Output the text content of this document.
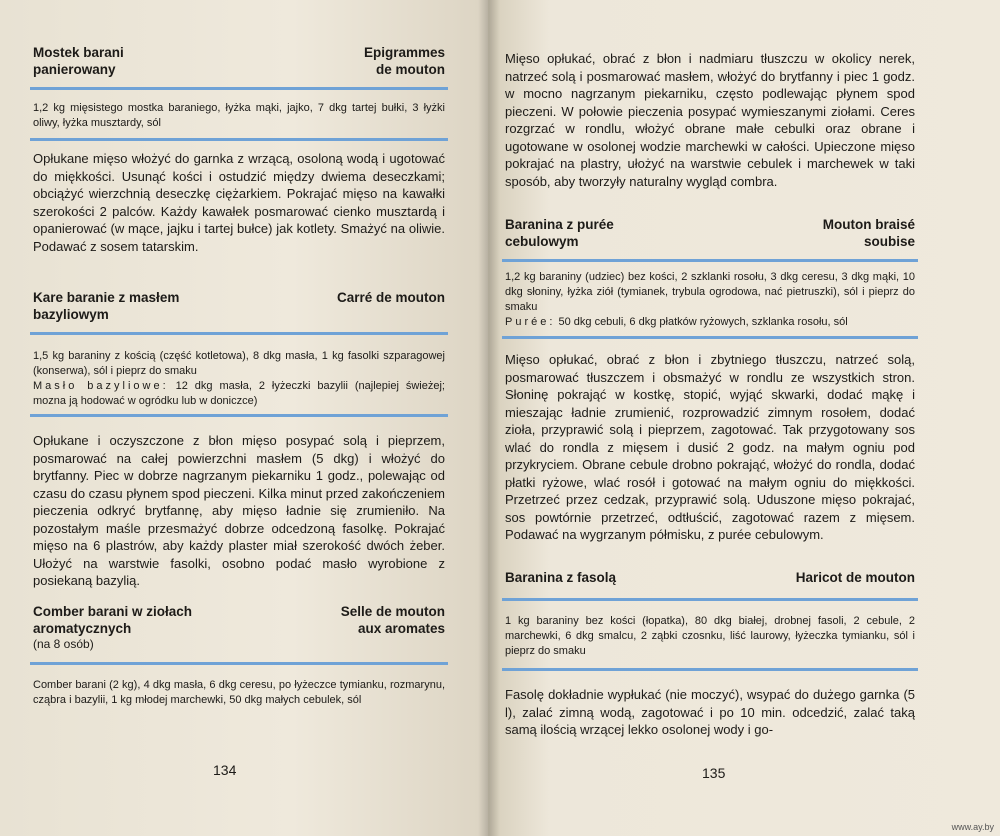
Mostek barani
panierowany
Epigrammes
de mouton
1,2 kg mięsistego mostka baraniego, łyżka mąki, jajko, 7 dkg tartej bułki, 3 łyżki oliwy, łyżka musztardy, sól
Opłukane mięso włożyć do garnka z wrzącą, osoloną wodą i ugotować do miękkości. Usunąć kości i ostudzić między dwiema deseczkami; obciążyć wierzchnią deseczkę ciężarkiem. Pokrajać mięso na kawałki szerokości 2 palców. Każdy kawałek posmarować cienko musztardą i opanierować (w mące, jajku i tartej bułce) jak kotlety. Smażyć na oliwie. Podawać z sosem tatarskim.
Kare baranie z masłem
bazyliowym
Carré de mouton
1,5 kg baraniny z kością (część kotletowa), 8 dkg masła, 1 kg fasolki szparagowej (konserwa), sól i pieprz do smaku
Masło bazyliowe: 12 dkg masła, 2 łyżeczki bazylii (najlepiej świeżej; mozna ją hodować w ogródku lub w doniczce)
Opłukane i oczyszczone z błon mięso posypać solą i pieprzem, posmarować na całej powierzchni masłem (5 dkg) i włożyć do brytfanny. Piec w dobrze nagrzanym piekarniku 1 godz., polewając od czasu do czasu płynem spod pieczeni. Kilka minut przed zakończeniem pieczenia odkryć brytfannę, aby mięso ładnie się zrumieniło. Na pozostałym maśle przesmażyć dobrze odcedzoną fasolkę. Pokrajać mięso na 6 plastrów, aby każdy plaster miał szerokość dwóch żeber. Ułożyć na warstwie fasolki, osobno podać masło wyrobione z posiekaną bazylią.
Comber barani w ziołach
aromatycznych
Selle de mouton
aux aromates
(na 8 osób)
Comber barani (2 kg), 4 dkg masła, 6 dkg ceresu, po łyżeczce tymianku, rozmarynu, cząbra i bazylii, 1 kg młodej marchewki, 50 dkg małych cebulek, sól
134
Mięso opłukać, obrać z błon i nadmiaru tłuszczu w okolicy nerek, natrzeć solą i posmarować masłem, włożyć do brytfanny i piec 1 godz. w mocno nagrzanym piekarniku, często podlewając płynem spod pieczeni. W połowie pieczenia posypać wymieszanymi ziołami. Ceres rozgrzać w rondlu, włożyć obrane małe cebulki oraz obrane i ugotowane w osolonej wodzie marchewki w całości. Upieczone mięso pokrajać na plastry, ułożyć na warstwie cebulek i marchewek w taki sposób, aby tworzyły naturalny wygląd combra.
Baranina z purée
cebulowym
Mouton braisé
soubise
1,2 kg baraniny (udziec) bez kości, 2 szklanki rosołu, 3 dkg ceresu, 3 dkg mąki, 10 dkg słoniny, łyżka ziół (tymianek, trybula ogrodowa, nać pietruszki), sól i pieprz do smaku
Purée: 50 dkg cebuli, 6 dkg płatków ryżowych, szklanka rosołu, sól
Mięso opłukać, obrać z błon i zbytniego tłuszczu, natrzeć solą, posmarować tłuszczem i obsmażyć w rondlu ze wszystkich stron. Słoninę pokrająć w kostkę, stopić, wyjąć skwarki, dodać mąkę i mieszając ładnie zrumienić, rozprowadzić zimnym rosołem, dodać zioła, przyprawić solą i pieprzem, zagotować. Tak przygotowany sos wlać do rondla z mięsem i dusić 2 godz. na małym ogniu pod przykryciem. Obrane cebule drobno pokrająć, włożyć do rondla, dodać płatki ryżowe, wlać rosół i gotować na małym ogniu do miękkości. Przetrzeć przez cedzak, przyprawić solą. Uduszone mięso pokrajać, sos powtórnie przetrzeć, odtłuścić, zagotować razem z mięsem. Podawać na wygrzanym półmisku, z purée cebulowym.
Baranina z fasolą	Haricot de mouton
1 kg baraniny bez kości (łopatka), 80 dkg białej, drobnej fasoli, 2 cebule, 2 marchewki, 6 dkg smalcu, 2 ząbki czosnku, liść laurowy, łyżeczka tymianku, sól i pieprz do smaku
Fasolę dokładnie wypłukać (nie moczyć), wsypać do dużego garnka (5 l), zalać zimną wodą, zagotować i po 10 min. odcedzić, zalać taką samą ilością wrzącej lekko osolonej wody i go-
135
www.ay.by
